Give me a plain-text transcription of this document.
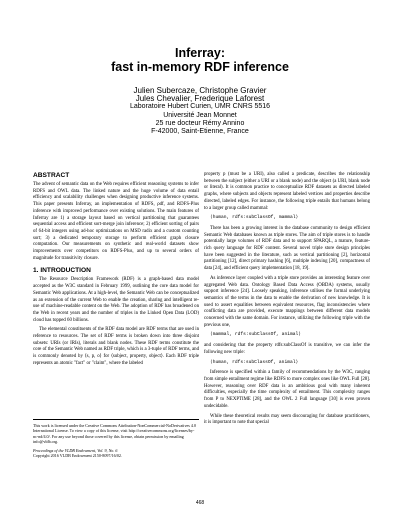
Inferray:
fast in-memory RDF inference
Julien Subercaze, Christophe Gravier
Jules Chevalier, Frederique Laforest
Laboratoire Hubert Curien, UMR CNRS 5516
Université Jean Monnet
25 rue docteur Rémy Annino
F-42000, Saint-Etienne, France
ABSTRACT

The advent of semantic data on the Web requires efficient reasoning systems to infer RDFS and OWL data. The linked nature and the huge volume of data entail efficiency and scalability challenges when designing productive inference systems. This paper presents Inferray, an implementation of RDFS, ρdf, and RDFS-Plus inference with improved performance over existing solutions. The main features of Inferray are 1) a storage layout based on vertical partitioning that guarantees sequential access and efficient sort-merge join inference; 2) efficient sorting of pairs of 64-bit integers using ad-hoc optimizations on MSD radix and a custom counting sort; 3) a dedicated temporary storage to perform efficient graph closure computation. Our measurements on synthetic and real-world datasets show improvements over competitors on RDFS-Plus, and up to several orders of magnitude for transitivity closure.

1. INTRODUCTION

The Resource Description Framework (RDF) is a graph-based data model accepted as the W3C standard in February 1999, outlining the core data model for Semantic Web applications. At a high-level, the Semantic Web can be conceptualized as an extension of the current Web to enable the creation, sharing and intelligent re-use of machine-readable content on the Web. The adoption of RDF has broadened on the Web in recent years and the number of triples in the Linked Open Data (LOD) cloud has topped 60 billions.

The elemental constituents of the RDF data model are RDF terms that are used in reference to resources. The set of RDF terms is broken down into three disjoint subsets: URIs (or IRIs), literals and blank nodes. These RDF terms constitute the core of the Semantic Web named as RDF triple, which is a 3-tuple of RDF terms, and is commonly denoted by ⟨s, p, o⟩ for ⟨subject, property, object⟩. Each RDF triple represents an atomic "fact" or "claim", where the labeled

This work is licensed under the Creative Commons Attribution-NonCommercial-NoDerivatives 4.0 International License. To view a copy of this license, visit http://creativecommons.org/licenses/by-nc-nd/4.0/. For any use beyond those covered by this license, obtain permission by emailing info@vldb.org.

Proceedings of the VLDB Endowment, Vol. 9, No. 6

Copyright 2016 VLDB Endowment 2150-8097/16/02.

property p (must be a URI), also called a predicate, describes the relationship between the subject (either a URI or a blank node) and the object (a URI, blank node or literal). It is common practice to conceptualize RDF datasets as directed labeled graphs, where subjects and objects represent labeled vertices and properties describe directed, labeled edges. For instance, the following triple entails that humans belong to a larger group called mammal:

⟨human, rdfs:subClassOf, mammal⟩

There has been a growing interest in the database community to design efficient Semantic Web databases known as triple stores. The aim of triple stores is to handle potentially large volumes of RDF data and to support SPARQL, a mature, feature-rich query language for RDF content. Several novel triple store design principles have been suggested in the literature, such as vertical partitioning [2], horizontal partitioning [12], direct primary hashing [6], multiple indexing [20], compactness of data [24], and efficient query implementation [18, 19].

As inference layer coupled with a triple store provides an interesting feature over aggregated Web data. Ontology Based Data Access (OBDA) systems, usually support inference [24]. Loosely speaking, inference utilises the formal underlying semantics of the terms in the data to enable the derivation of new knowledge. It is used to assert equalities between equivalent resources, flag inconsistencies where conflicting data are provided, execute mappings between different data models concerned with the same domain. For instance, utilizing the following triple with the previous one,

⟨mammal, rdfs:subClassOf, animal⟩

and considering that the property rdfs:subClassOf is transitive, we can infer the following new triple:

⟨human, rdfs:subClassOf, animal⟩

Inference is specified within a family of recommendations by the W3C, ranging from simple entailment regime like RDFS to more complex ones like OWL Full [28]. However, reasoning over RDF data is an ambitious goal with many inherent difficulties, especially the time complexity of entailment. This complexity ranges from P to NEXPTIME [28], and the OWL 2 Full language [30] is even proven undecidable.

While these theoretical results may seem discouraging for database practitioners, it is important to note that special

468
